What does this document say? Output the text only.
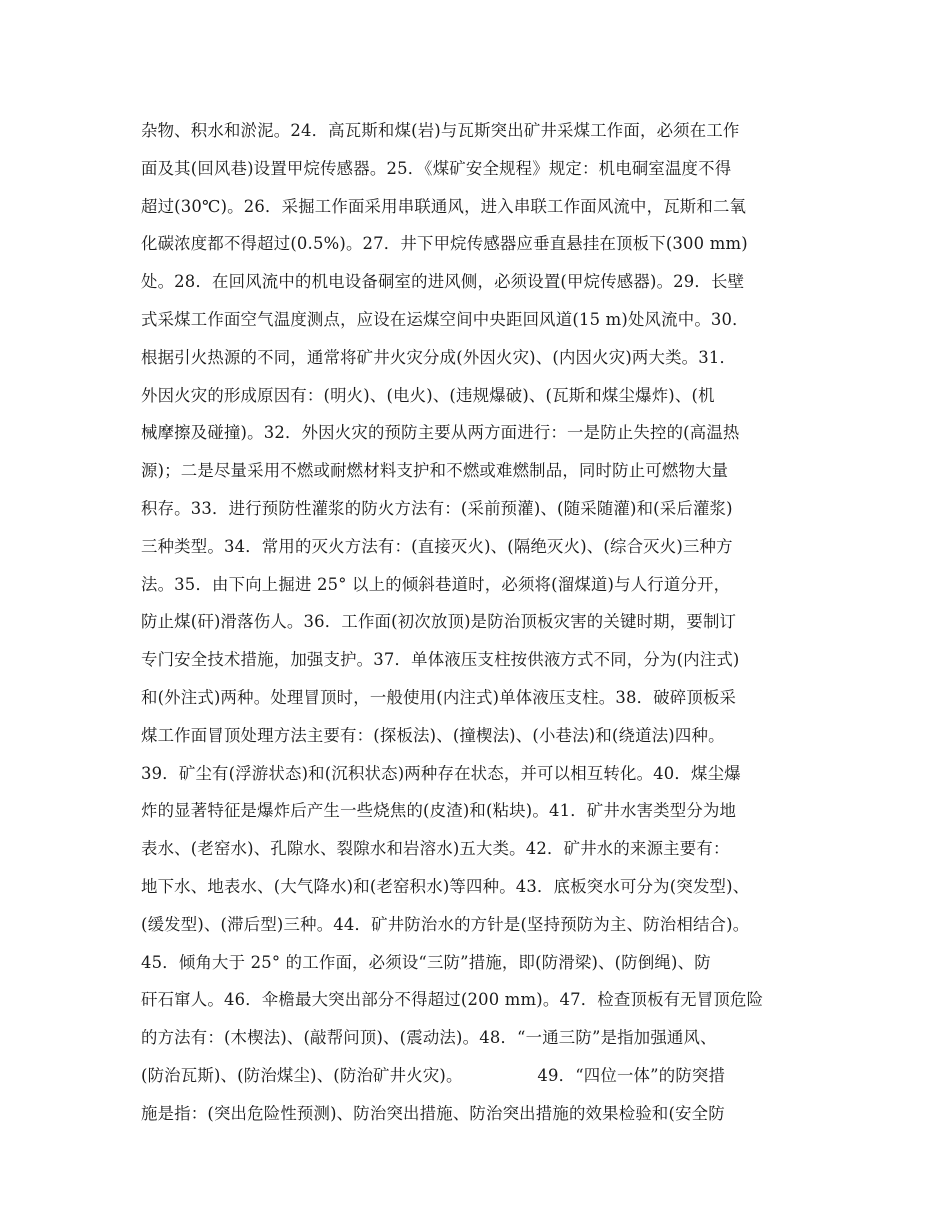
杂物、积水和淤泥。24．高瓦斯和煤(岩)与瓦斯突出矿井采煤工作面，必须在工作
面及其(回风巷)设置甲烷传感器。25．《煤矿安全规程》规定：机电硐室温度不得
超过(30℃)。26．采掘工作面采用串联通风，进入串联工作面风流中，瓦斯和二氧
化碳浓度都不得超过(0.5%)。27．井下甲烷传感器应垂直悬挂在顶板下(300 mm)
处。28．在回风流中的机电设备硐室的进风侧，必须设置(甲烷传感器)。29．长壁
式采煤工作面空气温度测点，应设在运煤空间中央距回风道(15 m)处风流中。30．
根据引火热源的不同，通常将矿井火灾分成(外因火灾)、(内因火灾)两大类。31．
外因火灾的形成原因有：(明火)、(电火)、(违规爆破)、(瓦斯和煤尘爆炸)、(机
械摩擦及碰撞)。32．外因火灾的预防主要从两方面进行：一是防止失控的(高温热
源)；二是尽量采用不燃或耐燃材料支护和不燃或难燃制品，同时防止可燃物大量
积存。33．进行预防性灌浆的防火方法有：(采前预灌)、(随采随灌)和(采后灌浆)
三种类型。34．常用的灭火方法有：(直接灭火)、(隔绝灭火)、(综合灭火)三种方
法。35．由下向上掘进 25° 以上的倾斜巷道时，必须将(溜煤道)与人行道分开，
防止煤(矸)滑落伤人。36．工作面(初次放顶)是防治顶板灾害的关键时期，要制订
专门安全技术措施，加强支护。37．单体液压支柱按供液方式不同，分为(内注式)
和(外注式)两种。处理冒顶时，一般使用(内注式)单体液压支柱。38．破碎顶板采
煤工作面冒顶处理方法主要有：(探板法)、(撞楔法)、(小巷法)和(绕道法)四种。
39．矿尘有(浮游状态)和(沉积状态)两种存在状态，并可以相互转化。40．煤尘爆
炸的显著特征是爆炸后产生一些烧焦的(皮渣)和(粘块)。41．矿井水害类型分为地
表水、(老窑水)、孔隙水、裂隙水和岩溶水)五大类。42．矿井水的来源主要有：
地下水、地表水、(大气降水)和(老窑积水)等四种。43．底板突水可分为(突发型)、
(缓发型)、(滞后型)三种。44．矿井防治水的方针是(坚持预防为主、防治相结合)。
45．倾角大于 25° 的工作面，必须设“三防”措施，即(防滑梁)、(防倒绳)、防
矸石窜人。46．伞檐最大突出部分不得超过(200 mm)。47．检查顶板有无冒顶危险
的方法有：(木楔法)、(敲帮问顶)、(震动法)。48．“一通三防”是指加强通风、
(防治瓦斯)、(防治煤尘)、(防治矿井火灾)。　　　　　49．“四位一体”的防突措
施是指：(突出危险性预测)、防治突出措施、防治突出措施的效果检验和(安全防
